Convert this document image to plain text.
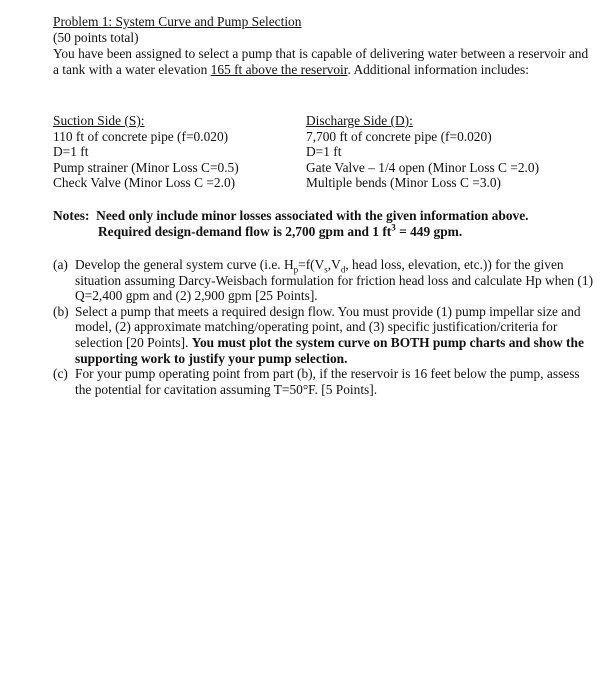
Problem 1: System Curve and Pump Selection
(50 points total)
You have been assigned to select a pump that is capable of delivering water between a reservoir and a tank with a water elevation 165 ft above the reservoir. Additional information includes:
Suction Side (S):
110 ft of concrete pipe (f=0.020)
D=1 ft
Pump strainer (Minor Loss C=0.5)
Check Valve (Minor Loss C =2.0)
Discharge Side (D):
7,700 ft of concrete pipe (f=0.020)
D=1 ft
Gate Valve – 1/4 open (Minor Loss C =2.0)
Multiple bends (Minor Loss C =3.0)
Notes: Need only include minor losses associated with the given information above.
Required design-demand flow is 2,700 gpm and 1 $ft^3 = 449$ gpm.
(a) Develop the general system curve (i.e. $H_p=f(V_s,V_d$, head loss, elevation, etc.)) for the given situation assuming Darcy-Weisbach formulation for friction head loss and calculate Hp when (1) Q=2,400 gpm and (2) 2,900 gpm [25 Points].
(b) Select a pump that meets a required design flow. You must provide (1) pump impellar size and model, (2) approximate matching/operating point, and (3) specific justification/criteria for selection [20 Points]. You must plot the system curve on BOTH pump charts and show the supporting work to justify your pump selection.
(c) For your pump operating point from part (b), if the reservoir is 16 feet below the pump, assess the potential for cavitation assuming T=50°F. [5 Points].
